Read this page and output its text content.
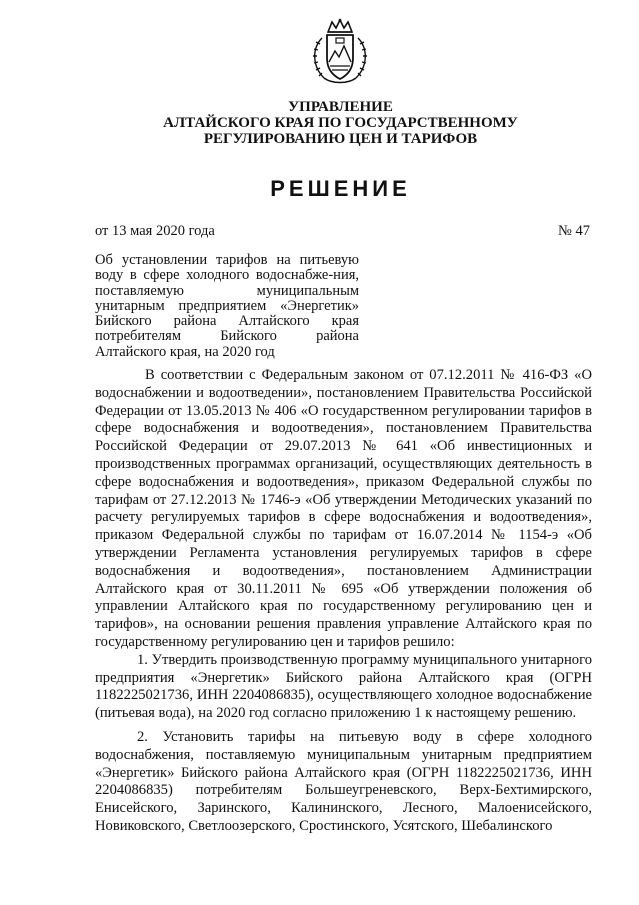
УПРАВЛЕНИЕ
АЛТАЙСКОГО КРАЯ ПО ГОСУДАРСТВЕННОМУ
РЕГУЛИРОВАНИЮ ЦЕН И ТАРИФОВ
РЕШЕНИЕ
от 13 мая 2020 года	№ 47
Об установлении тарифов на питьевую воду в сфере холодного водоснабже-ния, поставляемую муниципальным унитарным предприятием «Энергетик» Бийского района Алтайского края потребителям Бийского района Алтайского края, на 2020 год

В соответствии с Федеральным законом от 07.12.2011 № 416-ФЗ «О водоснабжении и водоотведении», постановлением Правительства Российской Федерации от 13.05.2013 № 406 «О государственном регулировании тарифов в сфере водоснабжения и водоотведения», постановлением Правительства Российской Федерации от 29.07.2013 № 641 «Об инвестиционных и производственных программах организаций, осуществляющих деятельность в сфере водоснабжения и водоотведения», приказом Федеральной службы по тарифам от 27.12.2013 № 1746-э «Об утверждении Методических указаний по расчету регулируемых тарифов в сфере водоснабжения и водоотведения», приказом Федеральной службы по тарифам от 16.07.2014 № 1154-э «Об утверждении Регламента установления регулируемых тарифов в сфере водоснабжения и водоотведения», постановлением Администрации Алтайского края от 30.11.2011 № 695 «Об утверждении положения об управлении Алтайского края по государственному регулированию цен и тарифов», на основании решения правления управление Алтайского края по государственному регулированию цен и тарифов решило:

1. Утвердить производственную программу муниципального унитарного предприятия «Энергетик» Бийского района Алтайского края (ОГРН 1182225021736, ИНН 2204086835), осуществляющего холодное водоснабжение (питьевая вода), на 2020 год согласно приложению 1 к настоящему решению.

2. Установить тарифы на питьевую воду в сфере холодного водоснабжения, поставляемую муниципальным унитарным предприятием «Энергетик» Бийского района Алтайского края (ОГРН 1182225021736, ИНН 2204086835) потребителям Большеугреневского, Верх-Бехтимирского, Енисейского, Заринского, Калининского, Лесного, Малоенисейского, Новиковского, Светлоозерского, Сростинского, Усятского, Шебалинского
